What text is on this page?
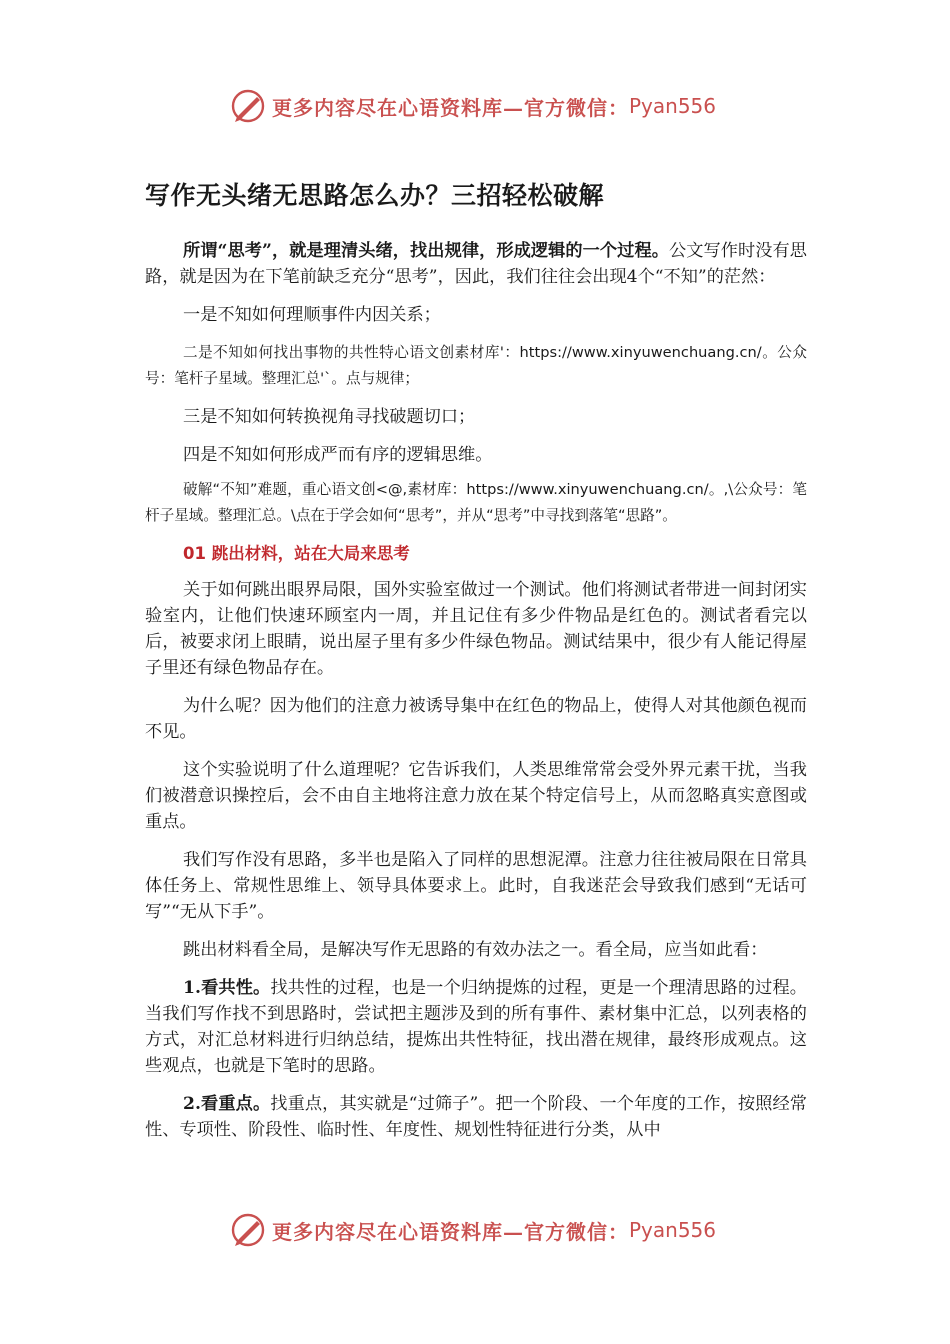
更多内容尽在心语资料库—官方微信： Pyan556
写作无头绪无思路怎么办？三招轻松破解

所谓“思考”，就是理清头绪，找出规律，形成逻辑的一个过程。公文写作时没有思路，就是因为在下笔前缺乏充分“思考”，因此，我们往往会出现4个“不知”的茫然：

一是不知如何理顺事件内因关系；

二是不知如何找出事物的共性特心语文创素材库'：https://www.xinyuwenchuang.cn/。公众号：笔杆子星域。整理汇总'`。点与规律；

三是不知如何转换视角寻找破题切口；

四是不知如何形成严而有序的逻辑思维。

破解“不知”难题，重心语文创<@,素材库：https://www.xinyuwenchuang.cn/。,\公众号：笔杆子星域。整理汇总。\点在于学会如何“思考”，并从“思考”中寻找到落笔“思路”。

01 跳出材料，站在大局来思考

关于如何跳出眼界局限，国外实验室做过一个测试。他们将测试者带进一间封闭实验室内，让他们快速环顾室内一周，并且记住有多少件物品是红色的。测试者看完以后，被要求闭上眼睛，说出屋子里有多少件绿色物品。测试结果中，很少有人能记得屋子里还有绿色物品存在。

为什么呢？因为他们的注意力被诱导集中在红色的物品上，使得人对其他颜色视而不见。

这个实验说明了什么道理呢？它告诉我们，人类思维常常会受外界元素干扰，当我们被潜意识操控后，会不由自主地将注意力放在某个特定信号上，从而忽略真实意图或重点。

我们写作没有思路，多半也是陷入了同样的思想泥潭。注意力往往被局限在日常具体任务上、常规性思维上、领导具体要求上。此时，自我迷茫会导致我们感到“无话可写”“无从下手”。

跳出材料看全局，是解决写作无思路的有效办法之一。看全局，应当如此看：

1.看共性。找共性的过程，也是一个归纳提炼的过程，更是一个理清思路的过程。当我们写作找不到思路时，尝试把主题涉及到的所有事件、素材集中汇总，以列表格的方式，对汇总材料进行归纳总结，提炼出共性特征，找出潜在规律，最终形成观点。这些观点，也就是下笔时的思路。

2.看重点。找重点，其实就是“过筛子”。把一个阶段、一个年度的工作，按照经常性、专项性、阶段性、临时性、年度性、规划性特征进行分类，从中

更多内容尽在心语资料库—官方微信： Pyan556
